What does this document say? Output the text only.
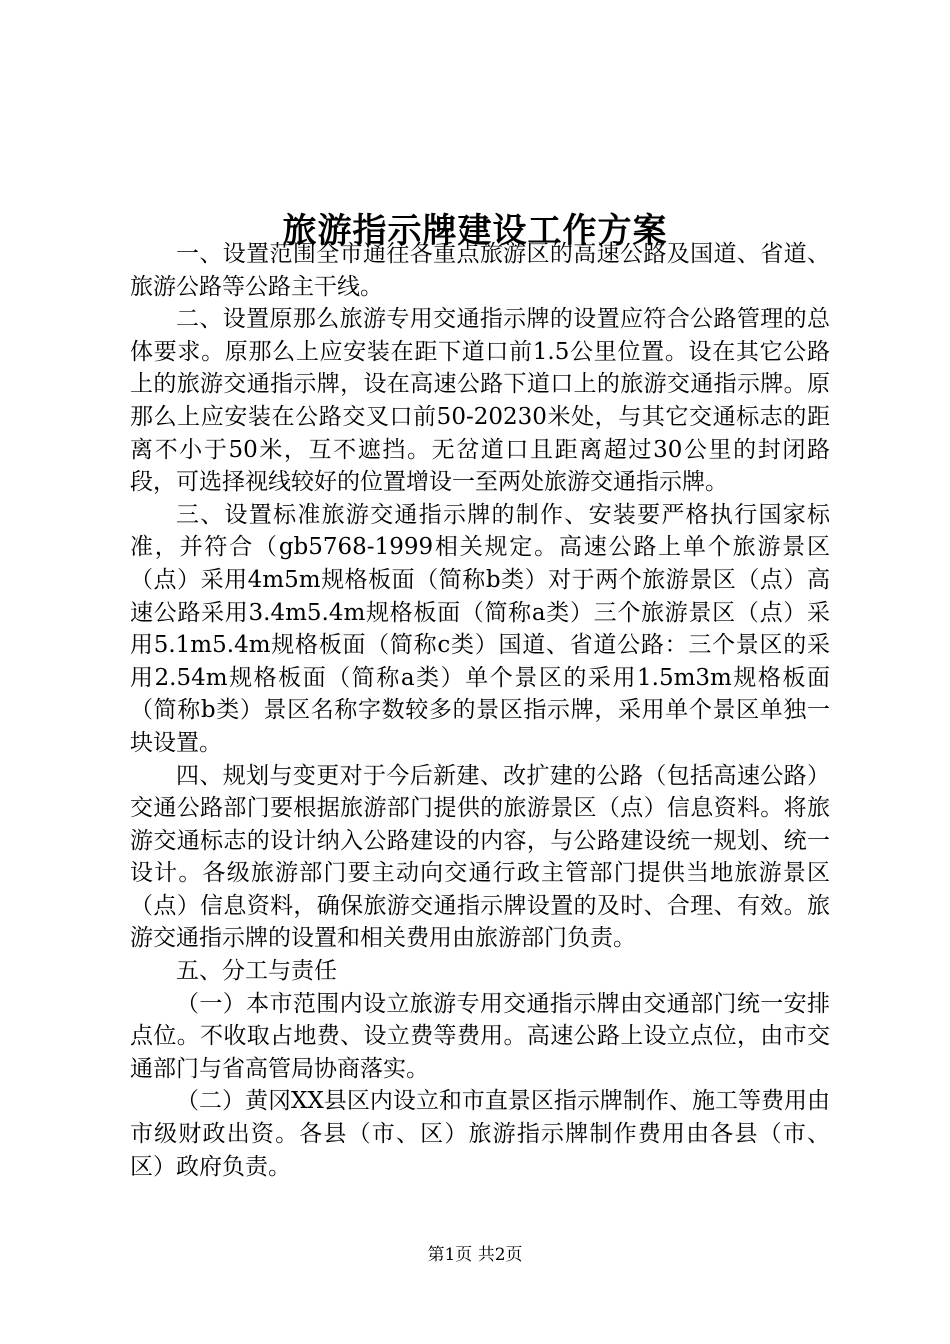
旅游指示牌建设工作方案

一、设置范围全市通往各重点旅游区的高速公路及国道、省道、旅游公路等公路主干线。

二、设置原那么旅游专用交通指示牌的设置应符合公路管理的总体要求。原那么上应安装在距下道口前1.5公里位置。设在其它公路上的旅游交通指示牌，设在高速公路下道口上的旅游交通指示牌。原那么上应安装在公路交叉口前50-20230米处，与其它交通标志的距离不小于50米，互不遮挡。无岔道口且距离超过30公里的封闭路段，可选择视线较好的位置增设一至两处旅游交通指示牌。

三、设置标准旅游交通指示牌的制作、安装要严格执行国家标准，并符合（gb5768-1999相关规定。高速公路上单个旅游景区（点）采用4m5m规格板面（简称b类）对于两个旅游景区（点）高速公路采用3.4m5.4m规格板面（简称a类）三个旅游景区（点）采用5.1m5.4m规格板面（简称c类）国道、省道公路：三个景区的采用2.54m规格板面（简称a类）单个景区的采用1.5m3m规格板面（简称b类）景区名称字数较多的景区指示牌，采用单个景区单独一块设置。

四、规划与变更对于今后新建、改扩建的公路（包括高速公路）交通公路部门要根据旅游部门提供的旅游景区（点）信息资料。将旅游交通标志的设计纳入公路建设的内容，与公路建设统一规划、统一设计。各级旅游部门要主动向交通行政主管部门提供当地旅游景区（点）信息资料，确保旅游交通指示牌设置的及时、合理、有效。旅游交通指示牌的设置和相关费用由旅游部门负责。

五、分工与责任

（一）本市范围内设立旅游专用交通指示牌由交通部门统一安排点位。不收取占地费、设立费等费用。高速公路上设立点位，由市交通部门与省高管局协商落实。

（二）黄冈XX县区内设立和市直景区指示牌制作、施工等费用由市级财政出资。各县（市、区）旅游指示牌制作费用由各县（市、区）政府负责。

第1页 共2页
